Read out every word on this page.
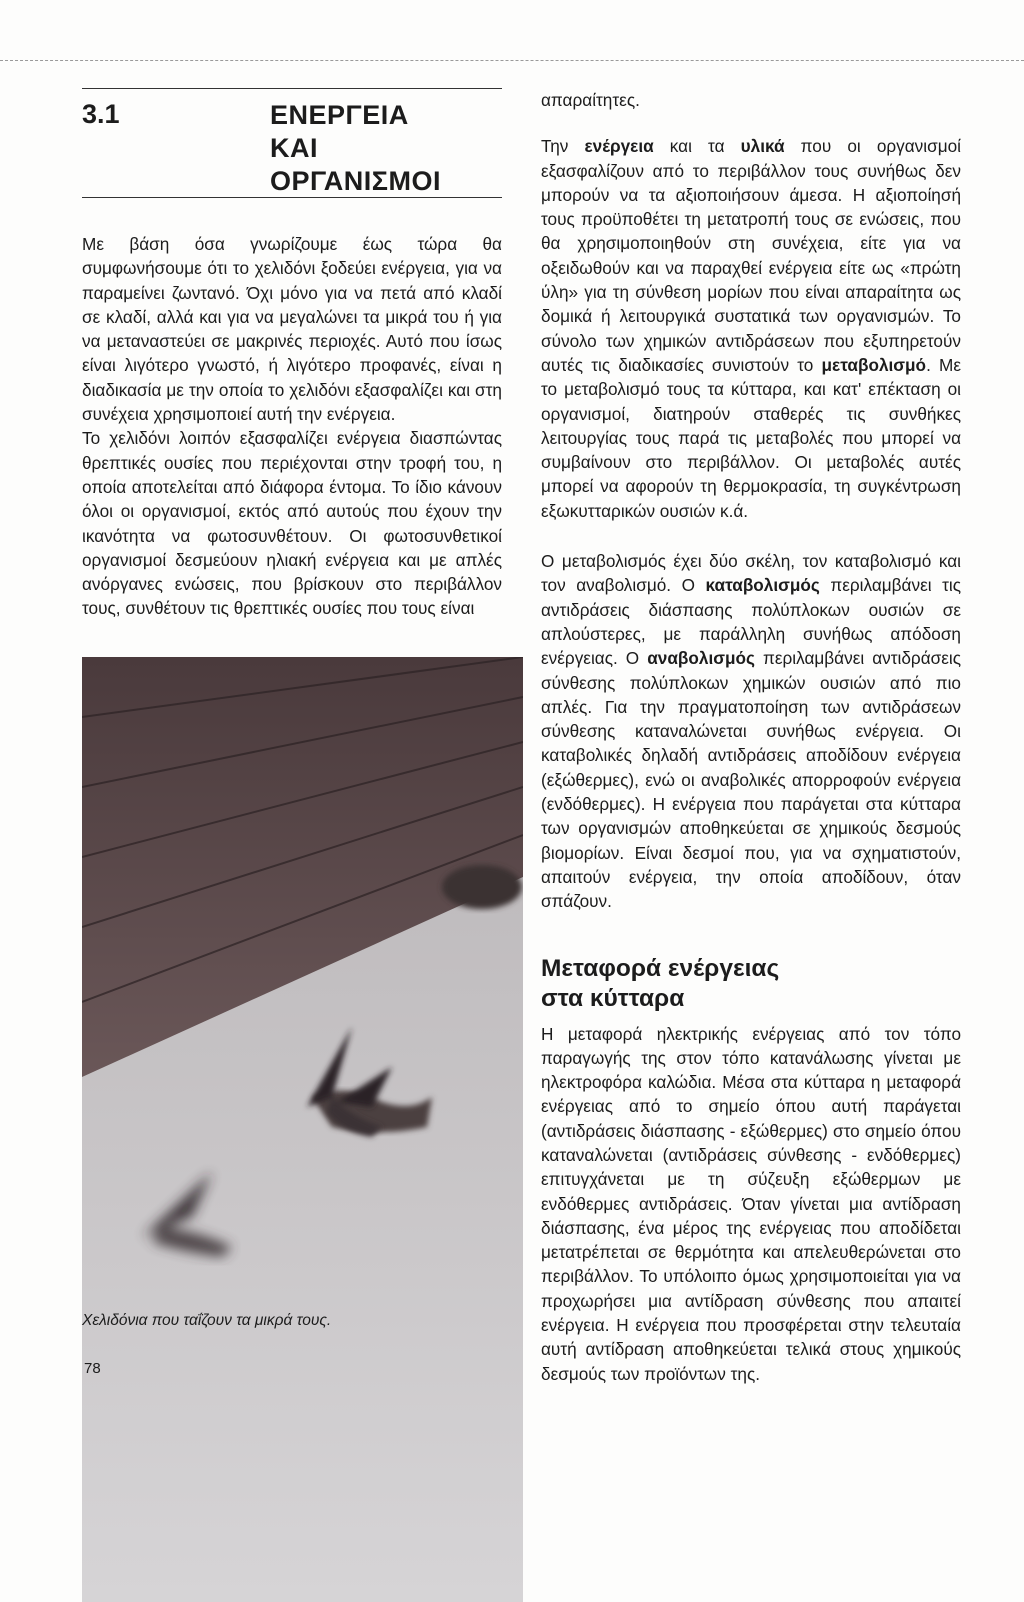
3.1	ΕΝΕΡΓΕΙΑ
ΚΑΙ
ΟΡΓΑΝΙΣΜΟΙ

Με βάση όσα γνωρίζουμε έως τώρα θα συμφωνήσουμε ότι το χελιδόνι ξοδεύει ενέργεια, για να παραμείνει ζωντανό. Όχι μόνο για να πετά από κλαδί σε κλαδί, αλλά και για να μεγαλώνει τα μικρά του ή για να μεταναστεύει σε μακρινές περιοχές. Αυτό που ίσως είναι λιγότερο γνωστό, ή λιγότερο προφανές, είναι η διαδικασία με την οποία το χελιδόνι εξασφαλίζει και στη συνέχεια χρησιμοποιεί αυτή την ενέργεια.

Το χελιδόνι λοιπόν εξασφαλίζει ενέργεια διασπώντας θρεπτικές ουσίες που περιέχονται στην τροφή του, η οποία αποτελείται από διάφορα έντομα. Το ίδιο κάνουν όλοι οι οργανισμοί, εκτός από αυτούς που έχουν την ικανότητα να φωτοσυνθέτουν. Οι φωτοσυνθετικοί οργανισμοί δεσμεύουν ηλιακή ενέργεια και με απλές ανόργανες ενώσεις, που βρίσκουν στο περιβάλλον τους, συνθέτουν τις θρεπτικές ουσίες που τους είναι

Χελιδόνια που ταΐζουν τα μικρά τους.
78

απαραίτητες.

Την ενέργεια και τα υλικά που οι οργανισμοί εξασφαλίζουν από το περιβάλλον τους συνήθως δεν μπορούν να τα αξιοποιήσουν άμεσα. Η αξιοποίησή τους προϋποθέτει τη μετατροπή τους σε ενώσεις, που θα χρησιμοποιηθούν στη συνέχεια, είτε για να οξειδωθούν και να παραχθεί ενέργεια είτε ως «πρώτη ύλη» για τη σύνθεση μορίων που είναι απαραίτητα ως δομικά ή λειτουργικά συστατικά των οργανισμών. Το σύνολο των χημικών αντιδράσεων που εξυπηρετούν αυτές τις διαδικασίες συνιστούν το μεταβολισμό. Με το μεταβολισμό τους τα κύτταρα, και κατ' επέκταση οι οργανισμοί, διατηρούν σταθερές τις συνθήκες λειτουργίας τους παρά τις μεταβολές που μπορεί να συμβαίνουν στο περιβάλλον. Οι μεταβολές αυτές μπορεί να αφορούν τη θερμοκρασία, τη συγκέντρωση εξωκυτταρικών ουσιών κ.ά.

Ο μεταβολισμός έχει δύο σκέλη, τον καταβολισμό και τον αναβολισμό. Ο καταβολισμός περιλαμβάνει τις αντιδράσεις διάσπασης πολύπλοκων ουσιών σε απλούστερες, με παράλληλη συνήθως απόδοση ενέργειας. Ο αναβολισμός περιλαμβάνει αντιδράσεις σύνθεσης πολύπλοκων χημικών ουσιών από πιο απλές. Για την πραγματοποίηση των αντιδράσεων σύνθεσης καταναλώνεται συνήθως ενέργεια. Οι καταβολικές δηλαδή αντιδράσεις αποδίδουν ενέργεια (εξώθερμες), ενώ οι αναβολικές απορροφούν ενέργεια (ενδόθερμες). Η ενέργεια που παράγεται στα κύτταρα των οργανισμών αποθηκεύεται σε χημικούς δεσμούς βιομορίων. Είναι δεσμοί που, για να σχηματιστούν, απαιτούν ενέργεια, την οποία αποδίδουν, όταν σπάζουν.

Μεταφορά ενέργειας
στα κύτταρα

Η μεταφορά ηλεκτρικής ενέργειας από τον τόπο παραγωγής της στον τόπο κατανάλωσης γίνεται με ηλεκτροφόρα καλώδια. Μέσα στα κύτταρα η μεταφορά ενέργειας από το σημείο όπου αυτή παράγεται (αντιδράσεις διάσπασης - εξώθερμες) στο σημείο όπου καταναλώνεται (αντιδράσεις σύνθεσης - ενδόθερμες) επιτυγχάνεται με τη σύζευξη εξώθερμων με ενδόθερμες αντιδράσεις. Όταν γίνεται μια αντίδραση διάσπασης, ένα μέρος της ενέργειας που αποδίδεται μετατρέπεται σε θερμότητα και απελευθερώνεται στο περιβάλλον. Το υπόλοιπο όμως χρησιμοποιείται για να προχωρήσει μια αντίδραση σύνθεσης που απαιτεί ενέργεια. Η ενέργεια που προσφέρεται στην τελευταία αυτή αντίδραση αποθηκεύεται τελικά στους χημικούς δεσμούς των προϊόντων της.
